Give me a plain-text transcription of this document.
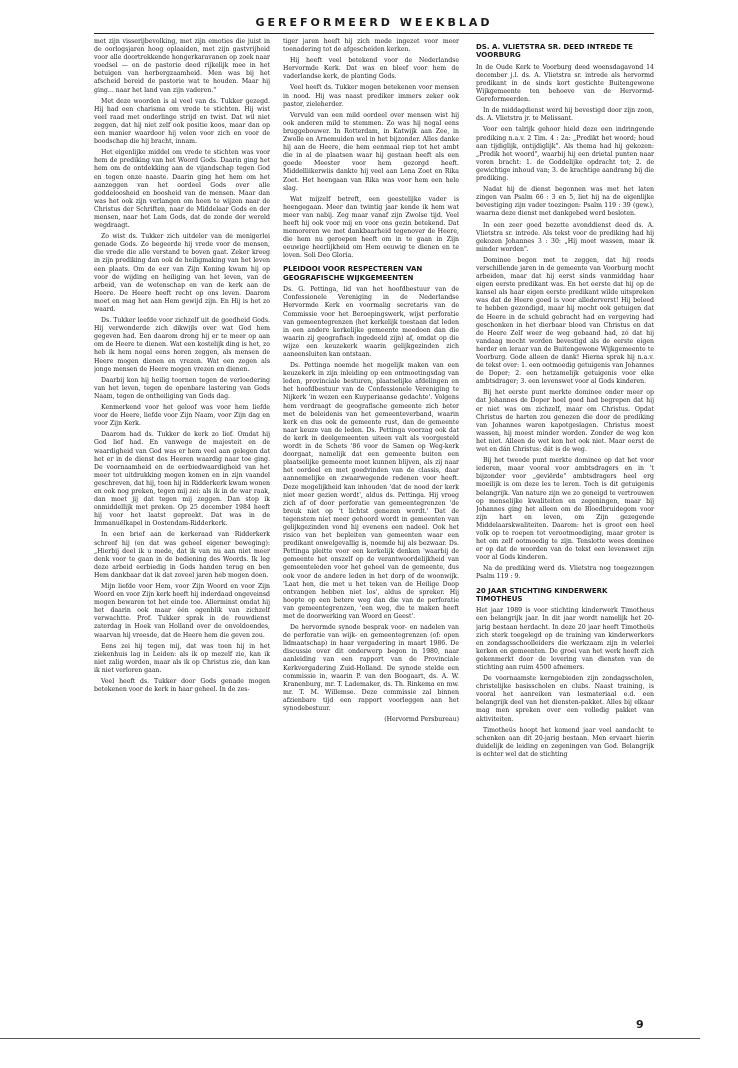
GEREFORMEERD WEEKBLAD

met zijn visserijbevolking, met zijn emoties die juist in de oorlogsjaren hoog oplaaiden, met zijn gastvrijheid voor alle doortrekkende hongerkaravanen op zoek naar voedsel — en de pastorie deed rijkelijk mee in het betuigen van herbergzaamheid. Men was bij het afscheid bereid de pastorie wat te houden. Maar hij ging... naar het land van zijn vaderen."

Met deze woorden is al veel van ds. Tukker gezegd. Hij had een charisma om vrede te stichten. Hij wist veel raad met onderlinge strijd en twist. Dat wil niet zeggen, dat hij niet zelf ook positie koos, maar dan op een manier waardoor hij velen voor zich en voor de boodschap die hij bracht, innam.

Het eigenlijke middel om vrede te stichten was voor hem de prediking van het Woord Gods. Daarin ging het hem om de ontdekking aan de vijandschap tegen God en tegen onze naaste. Daarin ging het hem om het aanzeggen van het oordeel Gods over alle goddeloosheid en boosheid van de mensen. Maar dan was het ook zijn verlangen om heen te wijzen naar de Christus der Schriften, naar de Middelaar Gods en der mensen, naar het Lam Gods, dat de zonde der wereld wegdraagt.

Zo wist ds. Tukker zich uitdeler van de menigerlei genade Gods. Zo begeerde hij vrede voor de mensen, die vrede die alle verstand te boven gaat. Zeker kreeg in zijn prediking dan ook de heiligmaking van het leven een plaats. Om de eer van Zijn Koning kwam hij op voor de wijding en heiliging van het leven, van de arbeid, van de wetenschap en van de kerk aan de Heere. De Heere heeft recht op ons leven. Daarom moet en mag het aan Hem gewijd zijn. En Hij is het zo waard.

Ds. Tukker leefde voor zichzelf uit de goedheid Gods. Hij verwonderde zich dikwijls over wat God hem gegeven had. Een daarom drong hij er te meer op aan om de Heere te dienen. Wat een kostelijk ding is het, zo heb ik hem nogal eens horen zeggen, als mensen de Heere mogen dienen en vrezen. Wat een zegen als jonge mensen de Heere mogen vrezen en dienen.

Daarbij kon hij heilig toornen tegen de verloedering van het leven, tegen de openbare lastering van Gods Naam, tegen de ontheiliging van Gods dag.

Kenmerkend voor het geloof was voor hem liefde voor de Heere, liefde voor Zijn Naam, voor Zijn dag en voor Zijn Kerk.

Daarom had ds. Tukker de kerk zo lief. Omdat hij God lief had. En vanwege de majesteit en de waardigheid van God was er hem veel aan gelegen dat het er in de dienst des Heeren waardig naar toe ging. De voornaamheid en de eerbiedwaardigheid van het meer tot uitdrukking mogen komen en in zijn vaandel geschreven, dat hij, toen hij in Ridderkerk kwam wonen en ook nog preken, tegen mij zei: als ik in de war raak, dan moet jij dat tegen mij zeggen. Dan stop ik onmiddellijk met preken. Op 25 december 1984 heeft hij voor het laatst gepreekt. Dat was in de Immanuëlkapel in Oostendam-Ridderkerk.

In een brief aan de kerkeraad van Ridderkerk schreef hij (en dat was geheel eigener beweging): „Hierbij deel ik u mede, dat ik van nu aan niet meer denk voor te gaan in de bediening des Woords. Ik leg deze arbeid eerbiedig in Gods handen terug en ben Hem dankbaar dat ik dat zoveel jaren heb mogen doen.

Mijn liefde voor Hem, voor Zijn Woord en voor Zijn Woord en voor Zijn kerk heeft hij inderdaad ongeveinsd mogen bewaren tot het einde toe. Allerminst omdat hij het daarin ook maar één ogenblik van zichzelf verwachtte. Prof. Tukker sprak in de rouwdienst zaterdag in Hoek van Holland over de onvoldoendes, waarvan hij vreesde, dat de Heere hem die geven zou.

Eens zei hij tegen mij, dat was toen hij in het ziekenhuis lag in Leiden: als ik op mezelf zie, kan ik niet zalig worden, maar als ik op Christus zie, dan kan ik niet verloren gaan.

Veel heeft ds. Tukker door Gods genade mogen betekenen voor de kerk in haar geheel. In de zes-

tiger jaren heeft hij zich mede ingezet voor meer toenadering tot de afgescheiden kerken.

Hij heeft veel betekend voor de Nederlandse Hervormde Kerk. Dat was en bleef voor hem de vaderlandse kerk, de planting Gods.

Veel heeft ds. Tukker mogen betekenen voor mensen in nood. Hij was naast prediker immers zeker ook pastor, zieleherder.

Vervuld van een mild oordeel over mensen wist hij ook anderen mild te stemmen. Zo was hij nogal eens bruggebouwer. In Rotterdam, in Katwijk aan Zee, in Zwolle en Arnemuiden wel in het bijzonder. Alles danke hij aan de Heere, die hem eenmaal riep tot het ambt die in al de plaatsen waar hij gestaan heeft als een goede Meester voor hem gezorgd heeft. Middelliikerwiis dankte hij veel aan Lena Zoet en Rika Zoet. Het heengaan van Rika was voor hem een hele slag.

Wat mijzelf betreft, een geestelijke vader is heengegaan. Meer dan twintig jaar kende ik hem wat meer van nabij. Zeg maar vanaf zijn Zwolse tijd. Veel heeft hij ook voor mij en voor ons gezin betekend. Dat memoreren we met dankbaarheid tegenover de Heere, die hem nu geroepen heeft om in te gaan in Zijn eeuwige heerlijkheid om Hem eeuwig te dienen en te loven. Soli Deo Gloria.

PLEIDOOI VOOR RESPECTEREN VAN GEOGRAFISCHE WIJKGEMEENTEN

Ds. G. Pettinga, lid van het hoofdbestuur van de Confessionele Vereniging in de Nederlandse Hervormde Kerk en voormalig secretaris van de Commissie voor het Beroepingswerk, wijst perforatie van gemeentegrenzen (het kerkelijk toestaan dat leden in een andere kerkelijke gemeente meedoen dan die waarin zij geografisch ingedeeld zijn) af, omdat op die wijze een keuzekerk waarin gelijkgezinden zich aaneensluiten kan ontstaan.

Ds. Pettinga noemde het mogelijk maken van een keuzekerk in zijn inleiding op een ontmoetingsdag van leden, provinciale besturen, plaatselijke afdelingen en het hoofdbestuur van de Confessionele Vereniging te Nijkerk 'in wezen een Kuyperiaanse gedachte'. Volgens hem verdraagt de geografische gemeente zich beter met de beleidenis van het gemeenteverband, waarin kerk en dus ook de gemeente rust, dan de gemeente naar keuze van de leden. Ds. Pettinga voorzag ook dat de kerk in deelgemeenten uiteen valt als voorgesteld wordt in de Schets '86 voor de Samen op Weg-kerk doorgaat, namelijk dat een gemeente buiten een plaatselijke gemeente moet kunnen blijven, als zij naar het oordeel en met goedvinden van de classis, daar aannemelijke en zwaarwegende redenen voor heeft. Deze mogelijkheid kan inhouden 'dat de nood der kerk niet meer gezien wordt', aldus ds. Pettinga. Hij vroeg zich af of door perforatie van gemeentegrenzen 'de breuk niet op 't lichtst genezen wordt.' Dat de tegenstem niet meer gehoord wordt in gemeenten van gelijkgezinden vond hij evenens een nadeel. Ook het risico van het bepleiten van gemeenten waar een predikant onwelgevallig is, noemde hij als bezwaar. Ds. Pettinga pleitte voor een kerkelijk denken 'waarbij de gemeente het onszelf op de verantwoordelijkheid van gemeenteleden voor het geheel van de gemeente, dus ook voor de andere leden in het dorp of de woonwijk. 'Laat hen, die met u het teken van de Heilige Doop ontvangen hebben niet los', aldus de spreker. Hij hoopte op een betere weg dan die van de perforatie van gemeentegrenzen, 'een weg, die te maken heeft met de doorwerking van Woord en Geest'.

De hervormde synode besprak voor- en nadelen van de perforatie van wijk- en gemeentegrenzen (of: open lidmaatschap) in haar vergadering in maart 1986. De discussie over dit onderwerp begon in 1980, naar aanleiding van een rapport van de Provinciale Kerkvergadering Zuid-Holland. De synode stelde een commissie in, waarin P. van den Boogaart, ds. A. W. Kranenburg, mr. T. Lademaker, ds. Th. Rinkema en mw. mr. T. M. Willemse. Deze commissie zal binnen afzienbare tijd een rapport voorleggen aan het synodebestuur.

(Hervormd Persbureau)

DS. A. VLIETSTRA SR. DEED INTREDE TE VOORBURG

In de Oude Kerk te Voorburg deed woensdagavond 14 december j.l. ds. A. Vlietstra sr. intrede als hervormd predikant in de sinds kort gestichte Buitengewone Wijkgemeente ten behoeve van de Hervormd-Gereformeerden.

In de middagdienst werd hij bevestigd door zijn zoon, ds. A. Vlietstra jr. te Melissant.

Voor een talrijk gehoor hield deze een indringende prediking n.a.v. 2 Tim. 4 : 2a: „Predikt het woord; houd aan tijdiglijk, ontijdiglijk". Als thema had hij gekozen: „Predik het woord", waarbij hij een drietal punten naar voren bracht: 1. de Goddelijke opdracht tot; 2. de gewichtige inhoud van; 3. de krachtige aandrang bij die prediking.

Nadat hij de dienst begonnen was met het laten zingen van Psalm 66 : 3 en 5, liet hij na de eigenlijke bevestiging zijn vader toezingen: Psalm 119 : 39 (gew.), waarna deze dienst met dankgebed werd besloten.

In een zeer goed bezette avonddienst deed ds. A. Vlietstra sr. intrede. Als tekst voor de prediking had hij gekozen Johannes 3 : 30: „Hij moet wassen, maar ik minder worden".

Dominee begon met te zeggen, dat hij reeds verschillende jaren in de gemeente van Voorburg mocht arbeiden, maar dat hij eerst sinds vanmiddag haar eigen eerste predikant was. En het eerste dat hij op de kansel als haar eigen eerste predikant wilde uitspreken was dat de Heere goed is voor allederverst! Hij beleed te hebben gezondigd, maar hij mocht ook getuigen dat de Heere in de schuld gebracht had en vergeving had geschonken in het dierbaar bloed van Christus en dat de Heere Zelf weer de weg gebaand had, zó dat hij vandaag mocht worden bevestigd als de eerste eigen herder en leraar van de Buitengewone Wijkgemeente te Voorburg. Gode alleen de dank! Hierna sprak hij n.a.v. de tekst over: 1. een ootmoedig getuigenis van Johannes de Doper; 2. een hetzamelijk getuigenis voor elke ambtsdrager; 3. een levenswet voor al Gods kinderen.

Bij het eerste punt merkte dominee onder meer op dat Johannes de Doper hoel goed had begrepen dat hij er niet was om zichzelf, maar om Christus. Opdat Christus de harten zou genezen die door de prediking van Johannes waren kapotgeslagen. Christus moest wassen, hij moest minder worden. Zonder de weg kon het niet. Alleen de wet kon het ook niet. Maar eerst de wet en dán Christus: dát is de weg.

Bij het tweede punt merkte dominee op dat het voor iederen, maar vooral voor ambtsdragers en in 't bijzonder voor „geviërde" ambtsdragers heel erg moeilijk is om deze les te leren. Toch is dit getuigenis belangrijk. Van nature zijn we zo geneigd te vertrouwen op menselijke kwaliteiten en zegeningen, maar bij Johannes ging het alleen om de Bloedbruidegom voor zijn hart en leven, om Zijn gezegende Middelaarskwaliteiten. Daarom: het is groot een heel volk op te roepen tot verootmoediging, maar groter is het om zelf ootmoedig te zijn. Tenslotte wees dominee er op dat de woorden van de tekst een levenswet zijn voor al Gods kinderen.

Na de prediking werd ds. Vlietstra nog toegezongen Psalm 119 : 9.

20 JAAR STICHTING KINDERWERK TIMOTHEUS

Het jaar 1989 is voor stichting kinderwerk Timotheus een belangrijk jaar. In dit jaar wordt namelijk het 20-jarig bestaan herdacht. In deze 20 jaar heeft Timotheüs zich sterk toegelegd op de training van kinderwerkers en zondagsschoolleiders die werkzaam zijn in velerlei kerken en gemeenten. De groei van het werk heeft zich gekenmerkt door de levering van diensten van de stichting aan ruim 4500 afnemers.

De voornaamste kerngebieden zijn zondagsscholen, christelijke basisscholen en clubs. Naast training, is vooral het aanreiken van lesmateriaal e.d. een belangrijk deel van het diensten-pakket. Alles bij elkaar mag men spreken over een volledig pakket van aktiviteiten.

Timotheüs hoopt het komend jaar veel aandacht te schenken aan dit 20-jarig bestaan. Men ervaart hierin duidelijk de leiding en zegeningen van God. Belangrijk is echter wel dat de stichting

9
